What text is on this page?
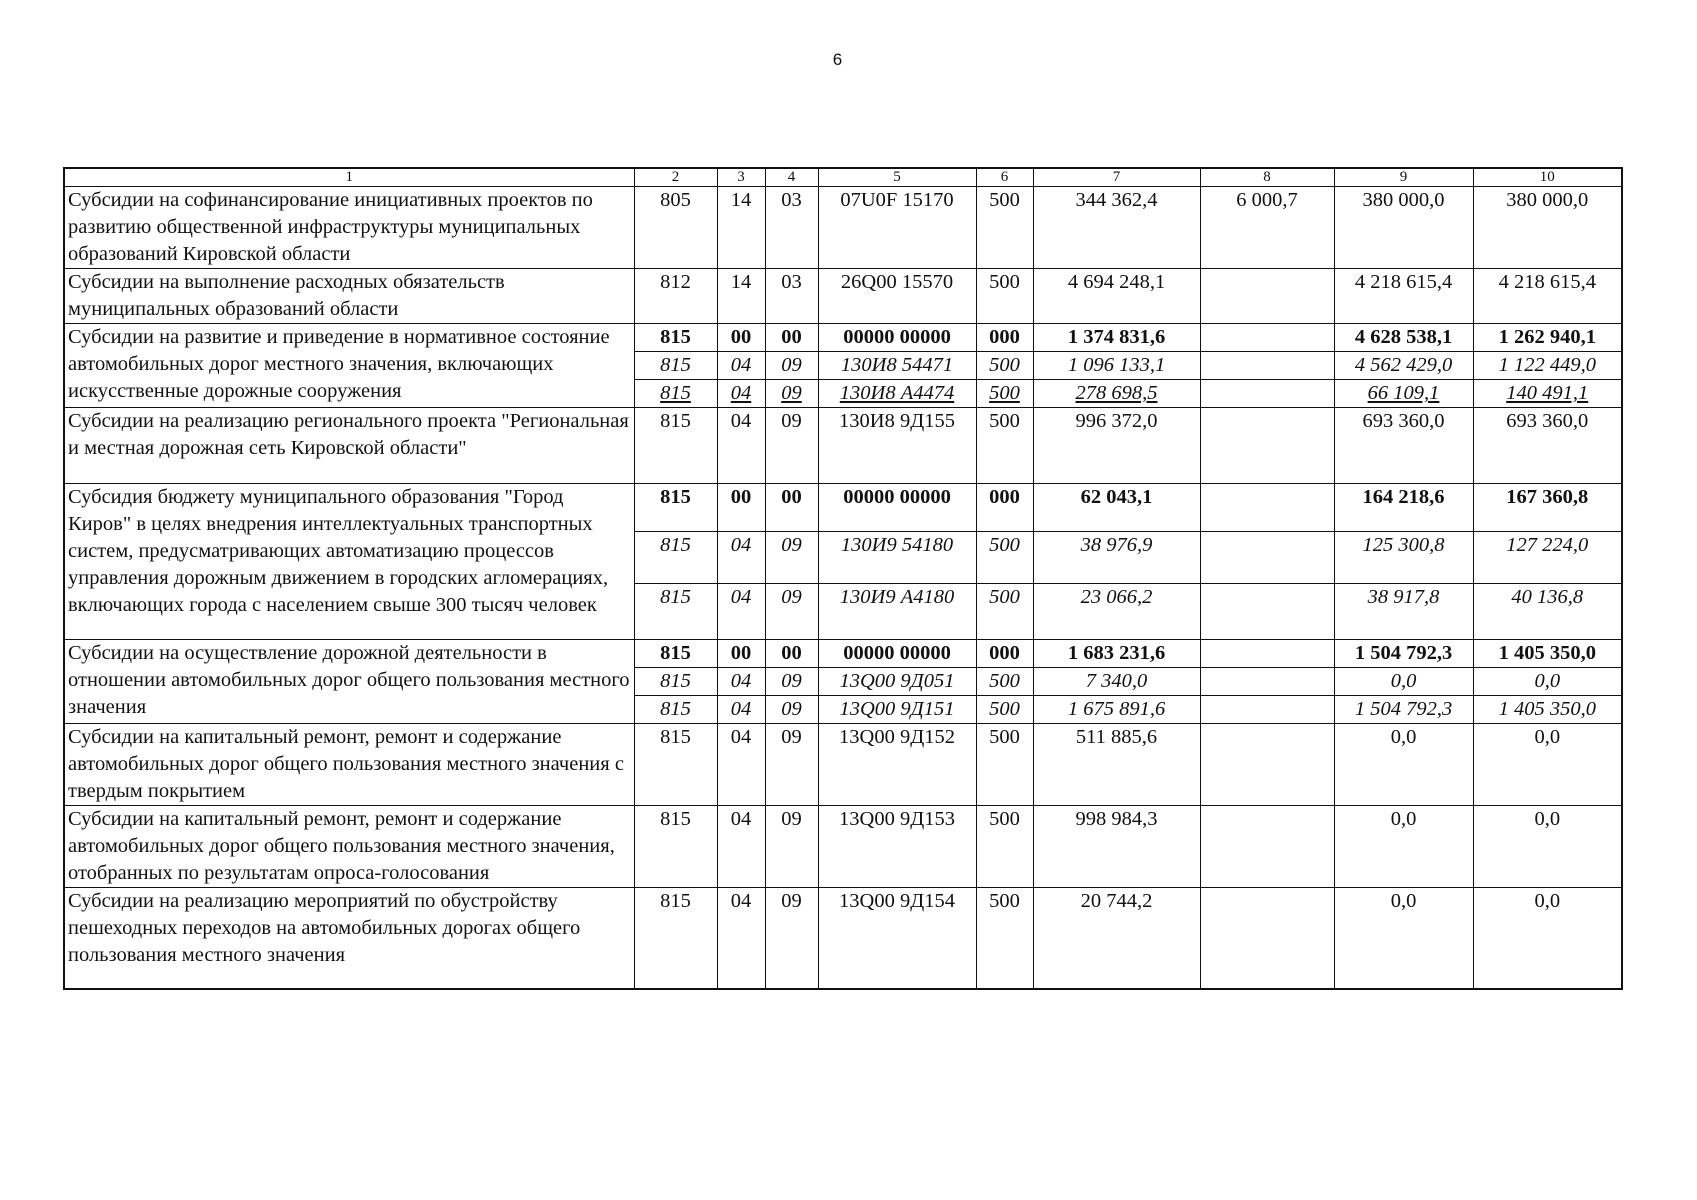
6
1	2	3	4	5	6	7	8	9	10
Субсидии на софинансирование инициативных проектов по развитию общественной инфраструктуры муниципальных образований Кировской области	805	14	03	07U0F 15170	500	344 362,4	6 000,7	380 000,0	380 000,0
Субсидии на выполнение расходных обязательств муниципальных образований области	812	14	03	26Q00 15570	500	4 694 248,1		4 218 615,4	4 218 615,4
Субсидии на развитие и приведение в нормативное состояние автомобильных дорог местного значения, включающих искусственные дорожные сооружения	815	00	00	00000 00000	000	1 374 831,6		4 628 538,1	1 262 940,1
	815	04	09	130И8 54471	500	1 096 133,1		4 562 429,0	1 122 449,0
	815	04	09	130И8 А4474	500	278 698,5		66 109,1	140 491,1
Субсидии на реализацию регионального проекта "Региональная и местная дорожная сеть Кировской области"	815	04	09	130И8 9Д155	500	996 372,0		693 360,0	693 360,0
Субсидия бюджету муниципального образования "Город Киров" в целях внедрения интеллектуальных транспортных систем, предусматривающих автоматизацию процессов управления дорожным движением в городских агломерациях, включающих города с населением свыше 300 тысяч человек	815	00	00	00000 00000	000	62 043,1		164 218,6	167 360,8
	815	04	09	130И9 54180	500	38 976,9		125 300,8	127 224,0
	815	04	09	130И9 А4180	500	23 066,2		38 917,8	40 136,8
Субсидии на осуществление дорожной деятельности в отношении автомобильных дорог общего пользования местного значения	815	00	00	00000 00000	000	1 683 231,6		1 504 792,3	1 405 350,0
	815	04	09	13Q00 9Д051	500	7 340,0		0,0	0,0
	815	04	09	13Q00 9Д151	500	1 675 891,6		1 504 792,3	1 405 350,0
Субсидии на капитальный ремонт, ремонт и содержание автомобильных дорог общего пользования местного значения с твердым покрытием	815	04	09	13Q00 9Д152	500	511 885,6		0,0	0,0
Субсидии на капитальный ремонт, ремонт и содержание автомобильных дорог общего пользования местного значения, отобранных по результатам опроса-голосования	815	04	09	13Q00 9Д153	500	998 984,3		0,0	0,0
Субсидии на реализацию мероприятий по обустройству пешеходных переходов на автомобильных дорогах общего пользования местного значения	815	04	09	13Q00 9Д154	500	20 744,2		0,0	0,0
